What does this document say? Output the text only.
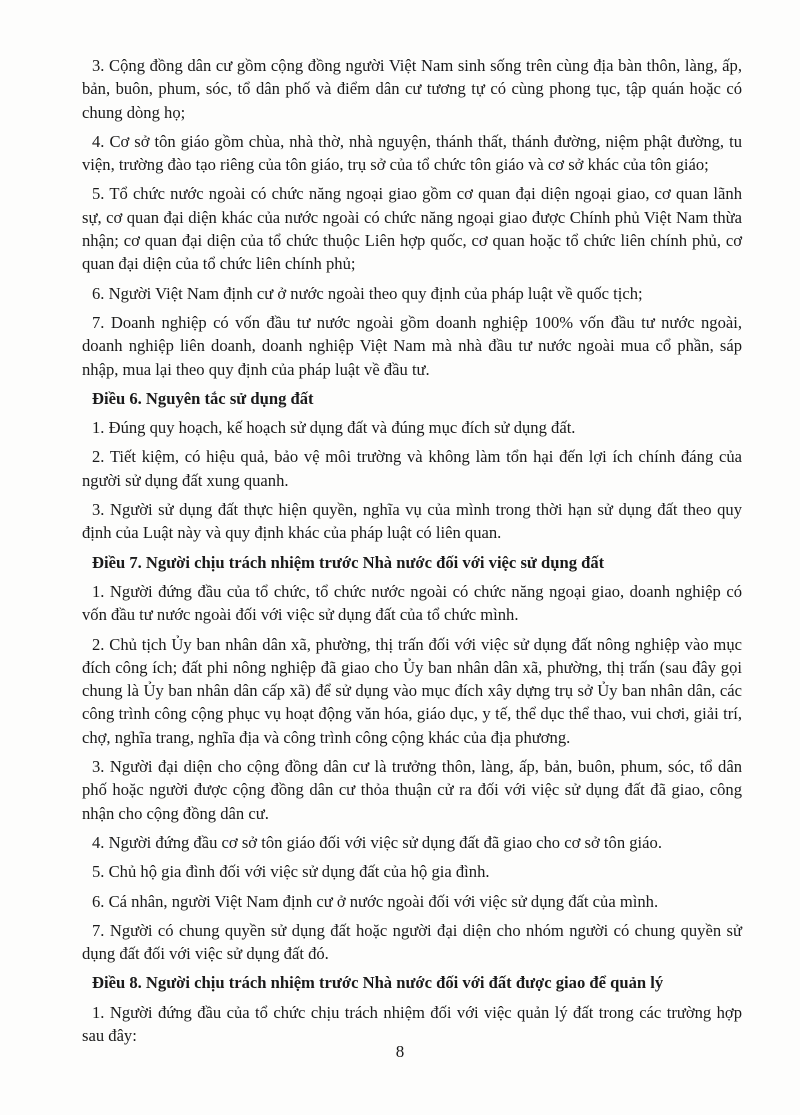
3. Cộng đồng dân cư gồm cộng đồng người Việt Nam sinh sống trên cùng địa bàn thôn, làng, ấp, bản, buôn, phum, sóc, tổ dân phố và điểm dân cư tương tự có cùng phong tục, tập quán hoặc có chung dòng họ;

4. Cơ sở tôn giáo gồm chùa, nhà thờ, nhà nguyện, thánh thất, thánh đường, niệm phật đường, tu viện, trường đào tạo riêng của tôn giáo, trụ sở của tổ chức tôn giáo và cơ sở khác của tôn giáo;

5. Tổ chức nước ngoài có chức năng ngoại giao gồm cơ quan đại diện ngoại giao, cơ quan lãnh sự, cơ quan đại diện khác của nước ngoài có chức năng ngoại giao được Chính phủ Việt Nam thừa nhận; cơ quan đại diện của tổ chức thuộc Liên hợp quốc, cơ quan hoặc tổ chức liên chính phủ, cơ quan đại diện của tổ chức liên chính phủ;

6. Người Việt Nam định cư ở nước ngoài theo quy định của pháp luật về quốc tịch;

7. Doanh nghiệp có vốn đầu tư nước ngoài gồm doanh nghiệp 100% vốn đầu tư nước ngoài, doanh nghiệp liên doanh, doanh nghiệp Việt Nam mà nhà đầu tư nước ngoài mua cổ phần, sáp nhập, mua lại theo quy định của pháp luật về đầu tư.

Điều 6. Nguyên tắc sử dụng đất

1. Đúng quy hoạch, kế hoạch sử dụng đất và đúng mục đích sử dụng đất.

2. Tiết kiệm, có hiệu quả, bảo vệ môi trường và không làm tổn hại đến lợi ích chính đáng của người sử dụng đất xung quanh.

3. Người sử dụng đất thực hiện quyền, nghĩa vụ của mình trong thời hạn sử dụng đất theo quy định của Luật này và quy định khác của pháp luật có liên quan.

Điều 7. Người chịu trách nhiệm trước Nhà nước đối với việc sử dụng đất

1. Người đứng đầu của tổ chức, tổ chức nước ngoài có chức năng ngoại giao, doanh nghiệp có vốn đầu tư nước ngoài đối với việc sử dụng đất của tổ chức mình.

2. Chủ tịch Ủy ban nhân dân xã, phường, thị trấn đối với việc sử dụng đất nông nghiệp vào mục đích công ích; đất phi nông nghiệp đã giao cho Ủy ban nhân dân xã, phường, thị trấn (sau đây gọi chung là Ủy ban nhân dân cấp xã) để sử dụng vào mục đích xây dựng trụ sở Ủy ban nhân dân, các công trình công cộng phục vụ hoạt động văn hóa, giáo dục, y tế, thể dục thể thao, vui chơi, giải trí, chợ, nghĩa trang, nghĩa địa và công trình công cộng khác của địa phương.

3. Người đại diện cho cộng đồng dân cư là trưởng thôn, làng, ấp, bản, buôn, phum, sóc, tổ dân phố hoặc người được cộng đồng dân cư thỏa thuận cử ra đối với việc sử dụng đất đã giao, công nhận cho cộng đồng dân cư.

4. Người đứng đầu cơ sở tôn giáo đối với việc sử dụng đất đã giao cho cơ sở tôn giáo.

5. Chủ hộ gia đình đối với việc sử dụng đất của hộ gia đình.

6. Cá nhân, người Việt Nam định cư ở nước ngoài đối với việc sử dụng đất của mình.

7. Người có chung quyền sử dụng đất hoặc người đại diện cho nhóm người có chung quyền sử dụng đất đối với việc sử dụng đất đó.

Điều 8. Người chịu trách nhiệm trước Nhà nước đối với đất được giao để quản lý

1. Người đứng đầu của tổ chức chịu trách nhiệm đối với việc quản lý đất trong các trường hợp sau đây:

8
